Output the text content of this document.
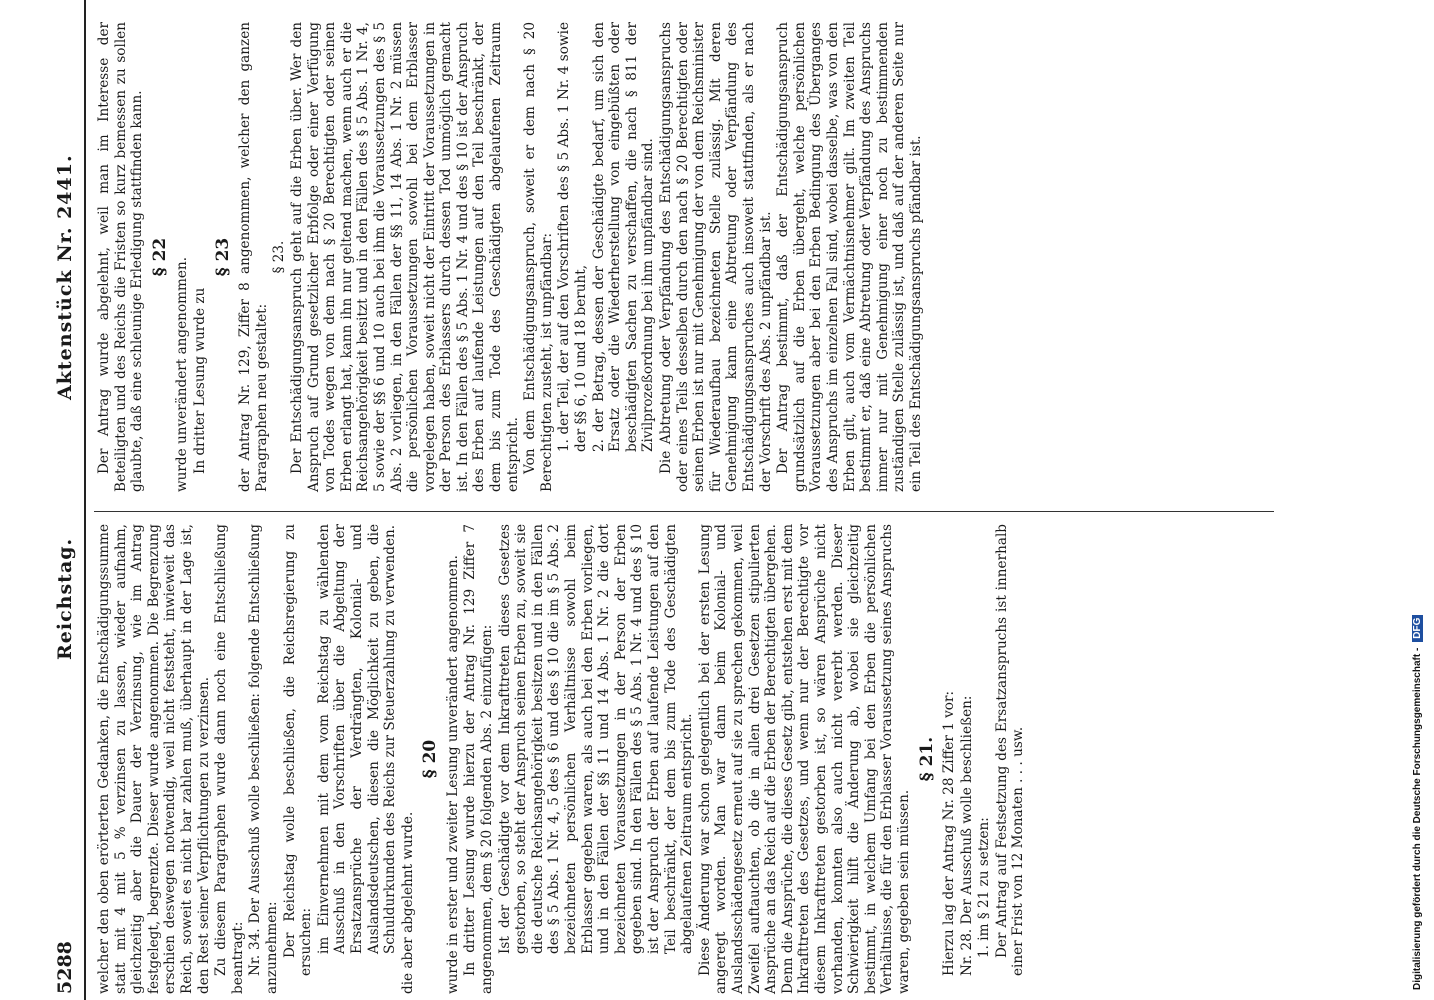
5288
Reichstag.
Aktenstück Nr. 2441.

welcher den oben erörterten Gedanken, die Entschädigungssumme statt mit 4 mit 5 % verzinsen zu lassen, wieder aufnahm, gleichzeitig aber die Dauer der Verzinsung, wie im Antrag festgelegt, begrenzte. Dieser wurde angenommen. Die Begrenzung erschien deswegen notwendig, weil nicht feststeht, inwieweit das Reich, soweit es nicht bar zahlen muß, überhaupt in der Lage ist, den Rest seiner Verpflichtungen zu verzinsen. Zu diesem Paragraphen wurde dann noch eine Entschließung beantragt: Nr. 34. Der Ausschuß wolle beschließen: folgende Entschließung anzunehmen: Der Reichstag wolle beschließen, die Reichsregierung zu ersuchen: im Einvernehmen mit dem vom Reichstag zu wählenden Ausschuß in den Vorschriften über die Abgeltung der Ersatzansprüche der Verdrängten, Kolonial- und Auslandsdeutschen, diesen die Möglichkeit zu geben, die Schuldurkunden des Reichs zur Steuerzahlung zu verwenden. die aber abgelehnt wurde.

§ 20 wurde in erster und zweiter Lesung unverändert angenommen. In dritter Lesung wurde hierzu der Antrag Nr. 129 Ziffer 7 angenommen, dem § 20 folgenden Abs. 2 einzufügen: Ist der Geschädigte vor dem Inkrafttreten dieses Gesetzes gestorben, so steht der Anspruch seinen Erben zu, soweit sie die deutsche Reichsangehörigkeit besitzen und in den Fällen des § 5 Abs. 1 Nr. 4, 5 des § 6 und des § 10 die im § 5 Abs. 2 bezeichneten persönlichen Verhältnisse sowohl beim Erblasser gegeben waren, als auch bei den Erben vorliegen, und in den Fällen der §§ 11 und 14 Abs. 1 Nr. 2 die dort bezeichneten Voraussetzungen in der Person der Erben gegeben sind. In den Fällen des § 5 Abs. 1 Nr. 4 und des § 10 ist der Anspruch der Erben auf laufende Leistungen auf den Teil beschränkt, der dem bis zum Tode des Geschädigten abgelaufenen Zeitraum entspricht. Diese Änderung war schon gelegentlich bei der ersten Lesung angeregt worden. Man war dann beim Kolonial- und Auslandsschädengesetz erneut auf sie zu sprechen gekommen, weil Zweifel auftauchten, ob die in allen drei Gesetzen stipulierten Ansprüche an das Reich auf die Erben der Berechtigten übergehen. Denn die Ansprüche, die dieses Gesetz gibt, entstehen erst mit dem Inkrafttreten des Gesetzes, und wenn nur der Berechtigte vor diesem Inkrafttreten gestorben ist, so wären Ansprüche nicht vorhanden, konnten also auch nicht vererbt werden. Dieser Schwierigkeit hilft die Änderung ab, wobei sie gleichzeitig bestimmt, in welchem Umfang bei den Erben die persönlichen Verhältnisse, die für den Erblasser Voraussetzung seines Anspruchs waren, gegeben sein müssen.

§ 21. Hierzu lag der Antrag Nr. 28 Ziffer 1 vor: Nr. 28. Der Ausschuß wolle beschließen: 1. im § 21 zu setzen: Der Antrag auf Festsetzung des Ersatzanspruchs ist innerhalb einer Frist von 12 Monaten . . . usw.

Der Antrag wurde abgelehnt, weil man im Interesse der Beteiligten und des Reichs die Fristen so kurz bemessen zu sollen glaubte, daß eine schleunige Erledigung stattfinden kann. § 22 wurde unverändert angenommen. In dritter Lesung wurde zu

§ 23 der Antrag Nr. 129, Ziffer 8 angenommen, welcher den ganzen Paragraphen neu gestaltet:

§ 23. Der Entschädigungsanspruch geht auf die Erben über. Wer den Anspruch auf Grund gesetzlicher Erbfolge oder einer Verfügung von Todes wegen von dem nach § 20 Berechtigten oder seinen Erben erlangt hat, kann ihn nur geltend machen, wenn auch er die Reichsangehörigkeit besitzt und in den Fällen des § 5 Abs. 1 Nr. 4, 5 sowie der §§ 6 und 10 auch bei ihm die Voraussetzungen des § 5 Abs. 2 vorliegen, in den Fällen der §§ 11, 14 Abs. 1 Nr. 2 müssen die persönlichen Voraussetzungen sowohl bei dem Erblasser vorgelegen haben, soweit nicht der Eintritt der Voraussetzungen in der Person des Erblassers durch dessen Tod unmöglich gemacht ist. In den Fällen des § 5 Abs. 1 Nr. 4 und des § 10 ist der Anspruch des Erben auf laufende Leistungen auf den Teil beschränkt, der dem bis zum Tode des Geschädigten abgelaufenen Zeitraum entspricht. Von dem Entschädigungsanspruch, soweit er dem nach § 20 Berechtigten zusteht, ist unpfändbar: 1. der Teil, der auf den Vorschriften des § 5 Abs. 1 Nr. 4 sowie der §§ 6, 10 und 18 beruht, 2. der Betrag, dessen der Geschädigte bedarf, um sich den Ersatz oder die Wiederherstellung von eingebüßten oder beschädigten Sachen zu verschaffen, die nach § 811 der Zivilprozeßordnung bei ihm unpfändbar sind. Die Abtretung oder Verpfändung des Entschädigungsanspruchs oder eines Teils desselben durch den nach § 20 Berechtigten oder seinen Erben ist nur mit Genehmigung der von dem Reichsminister für Wiederaufbau bezeichneten Stelle zulässig. Mit deren Genehmigung kann eine Abtretung oder Verpfändung des Entschädigungsanspruches auch insoweit stattfinden, als er nach der Vorschrift des Abs. 2 unpfändbar ist. Der Antrag bestimmt, daß der Entschädigungsanspruch grundsätzlich auf die Erben übergeht, welche persönlichen Voraussetzungen aber bei den Erben Bedingung des Überganges des Anspruchs im einzelnen Fall sind, wobei dasselbe, was von den Erben gilt, auch vom Vermächtnisnehmer gilt. Im zweiten Teil bestimmt er, daß eine Abtretung oder Verpfändung des Anspruchs immer nur mit Genehmigung einer noch zu bestimmenden zuständigen Stelle zulässig ist, und daß auf der anderen Seite nur ein Teil des Entschädigungsanspruchs pfändbar ist.

Digitalisierung gefördert durch die Deutsche Forschungsgemeinschaft -DFG
